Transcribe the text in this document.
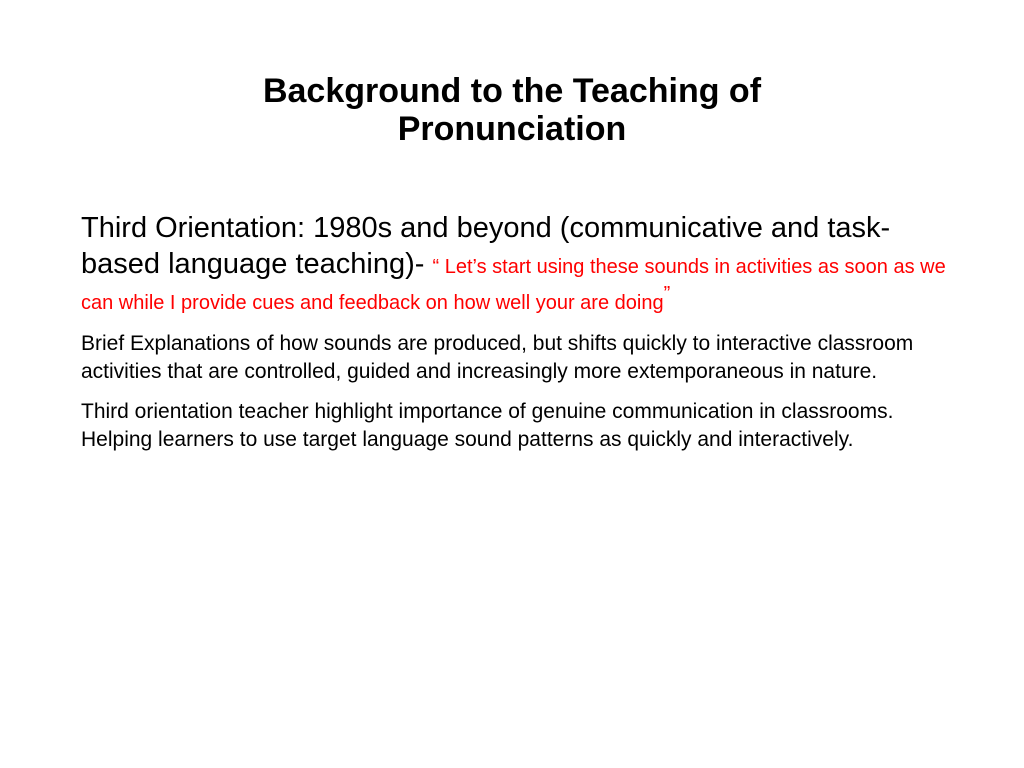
Background to the Teaching of
Pronunciation

Third Orientation: 1980s and beyond (communicative and task-based language teaching)- “ Let’s start using these sounds in activities as soon as we can while I provide cues and feedback on how well your are doing”

Brief Explanations of how sounds are produced, but shifts quickly to interactive classroom activities that are controlled, guided and increasingly more extemporaneous in nature.

Third orientation teacher highlight importance of genuine communication in classrooms.
Helping learners to use target language sound patterns as quickly and interactively.
